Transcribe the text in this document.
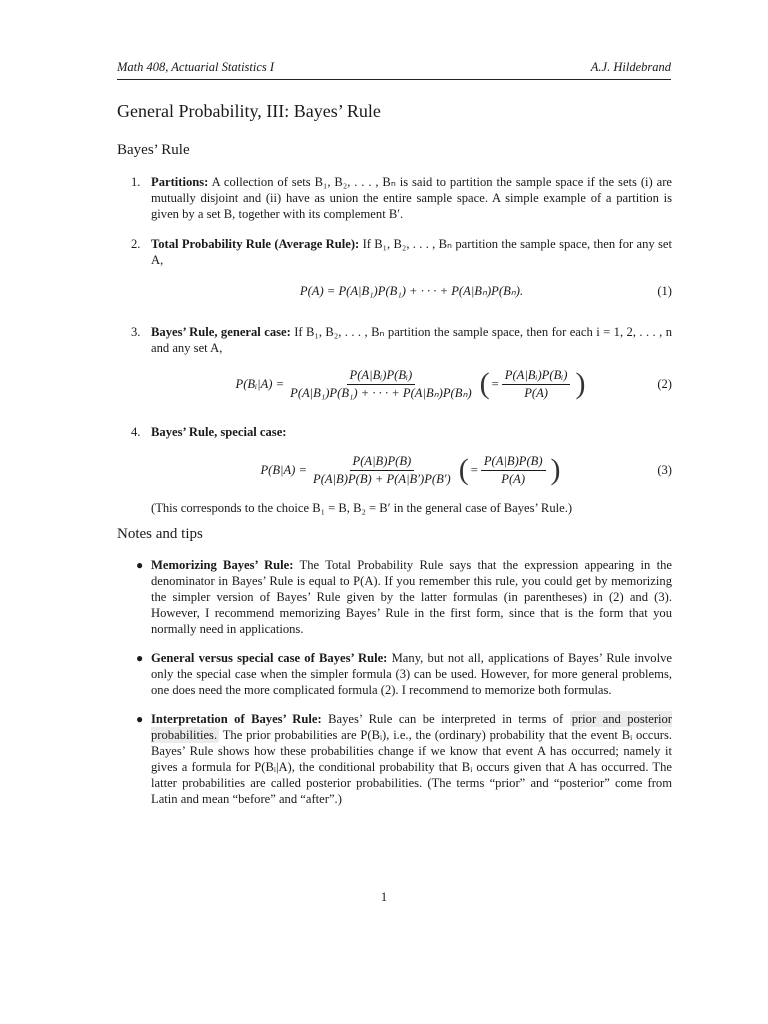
Math 408, Actuarial Statistics I	A.J. Hildebrand
General Probability, III: Bayes’ Rule
Bayes’ Rule
1. Partitions: A collection of sets B₁, B₂, . . . , Bₙ is said to partition the sample space if the sets (i) are mutually disjoint and (ii) have as union the entire sample space. A simple example of a partition is given by a set B, together with its complement B′.
2. Total Probability Rule (Average Rule): If B₁, B₂, . . . , Bₙ partition the sample space, then for any set A,
P(A) = P(A|B₁)P(B₁) + · · · + P(A|Bₙ)P(Bₙ).	(1)
3. Bayes’ Rule, general case: If B₁, B₂, . . . , Bₙ partition the sample space, then for each i = 1, 2, . . . , n and any set A,
P(Bᵢ|A) = $\frac{\text{P(A|Bᵢ)P(Bᵢ)}}{\text{P(A|B₁)P(B₁) + · · · + P(A|Bₙ)P(Bₙ)}}$ ( = $\frac{\text{P(A|Bᵢ)P(Bᵢ)}}{P(A)}$ )	(2)
4. Bayes’ Rule, special case:
$P(B|A) = \frac{P(A|B)P(B)}{P(A|B)P(B) + P(A|B')P(B')}$ ( = $\frac{P(A|B)P(B)}{P(A)}$ )	(3)
(This corresponds to the choice B₁ = B, B₂ = B′ in the general case of Bayes’ Rule.)
Notes and tips
● Memorizing Bayes’ Rule: The Total Probability Rule says that the expression appearing in the denominator in Bayes’ Rule is equal to P(A). If you remember this rule, you could get by memorizing the simpler version of Bayes’ Rule given by the latter formulas (in parentheses) in (2) and (3). However, I recommend memorizing Bayes’ Rule in the first form, since that is the form that you normally need in applications.
● General versus special case of Bayes’ Rule: Many, but not all, applications of Bayes’ Rule involve only the special case when the simpler formula (3) can be used. However, for more general problems, one does need the more complicated formula (2). I recommend to memorize both formulas.
● Interpretation of Bayes’ Rule: Bayes’ Rule can be interpreted in terms of prior and posterior probabilities. The prior probabilities are P(Bᵢ), i.e., the (ordinary) probability that the event Bᵢ occurs. Bayes’ Rule shows how these probabilities change if we know that event A has occurred; namely it gives a formula for P(Bᵢ|A), the conditional probability that Bᵢ occurs given that A has occurred. The latter probabilities are called posterior probabilities. (The terms “prior” and “posterior” come from Latin and mean “before” and “after”.)
1
